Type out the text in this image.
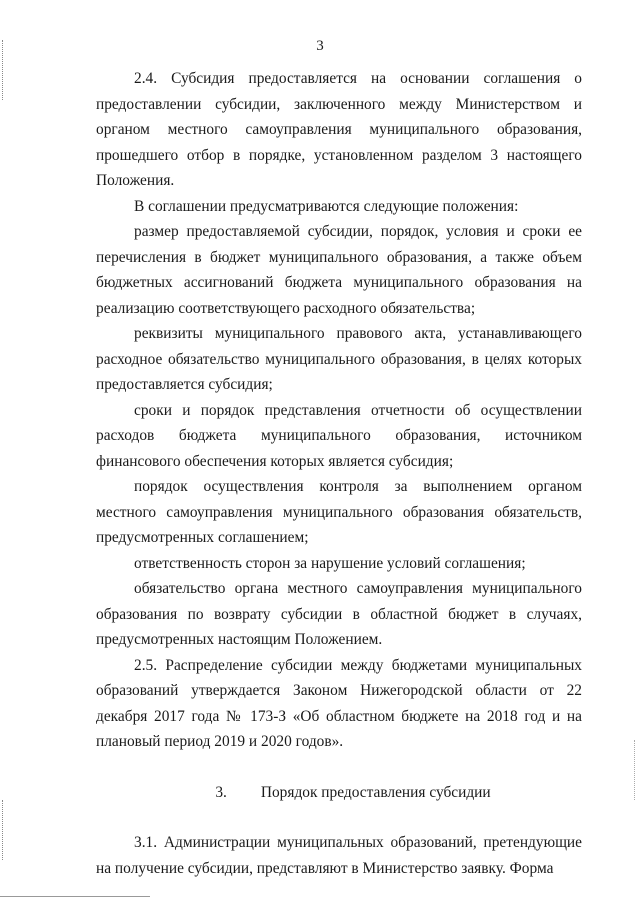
3

2.4. Субсидия предоставляется на основании соглашения о предоставлении субсидии, заключенного между Министерством и органом местного самоуправления муниципального образования, прошедшего отбор в порядке, установленном разделом 3 настоящего Положения.

В соглашении предусматриваются следующие положения:

размер предоставляемой субсидии, порядок, условия и сроки ее перечисления в бюджет муниципального образования, а также объем бюджетных ассигнований бюджета муниципального образования на реализацию соответствующего расходного обязательства;

реквизиты муниципального правового акта, устанавливающего расходное обязательство муниципального образования, в целях которых предоставляется субсидия;

сроки и порядок представления отчетности об осуществлении расходов бюджета муниципального образования, источником финансового обеспечения которых является субсидия;

порядок осуществления контроля за выполнением органом местного самоуправления муниципального образования обязательств, предусмотренных соглашением;

ответственность сторон за нарушение условий соглашения;

обязательство органа местного самоуправления муниципального образования по возврату субсидии в областной бюджет в случаях, предусмотренных настоящим Положением.

2.5. Распределение субсидии между бюджетами муниципальных образований утверждается Законом Нижегородской области от 22 декабря 2017 года № 173-З «Об областном бюджете на 2018 год и на плановый период 2019 и 2020 годов».

3. Порядок предоставления субсидии

3.1. Администрации муниципальных образований, претендующие на получение субсидии, представляют в Министерство заявку. Форма
